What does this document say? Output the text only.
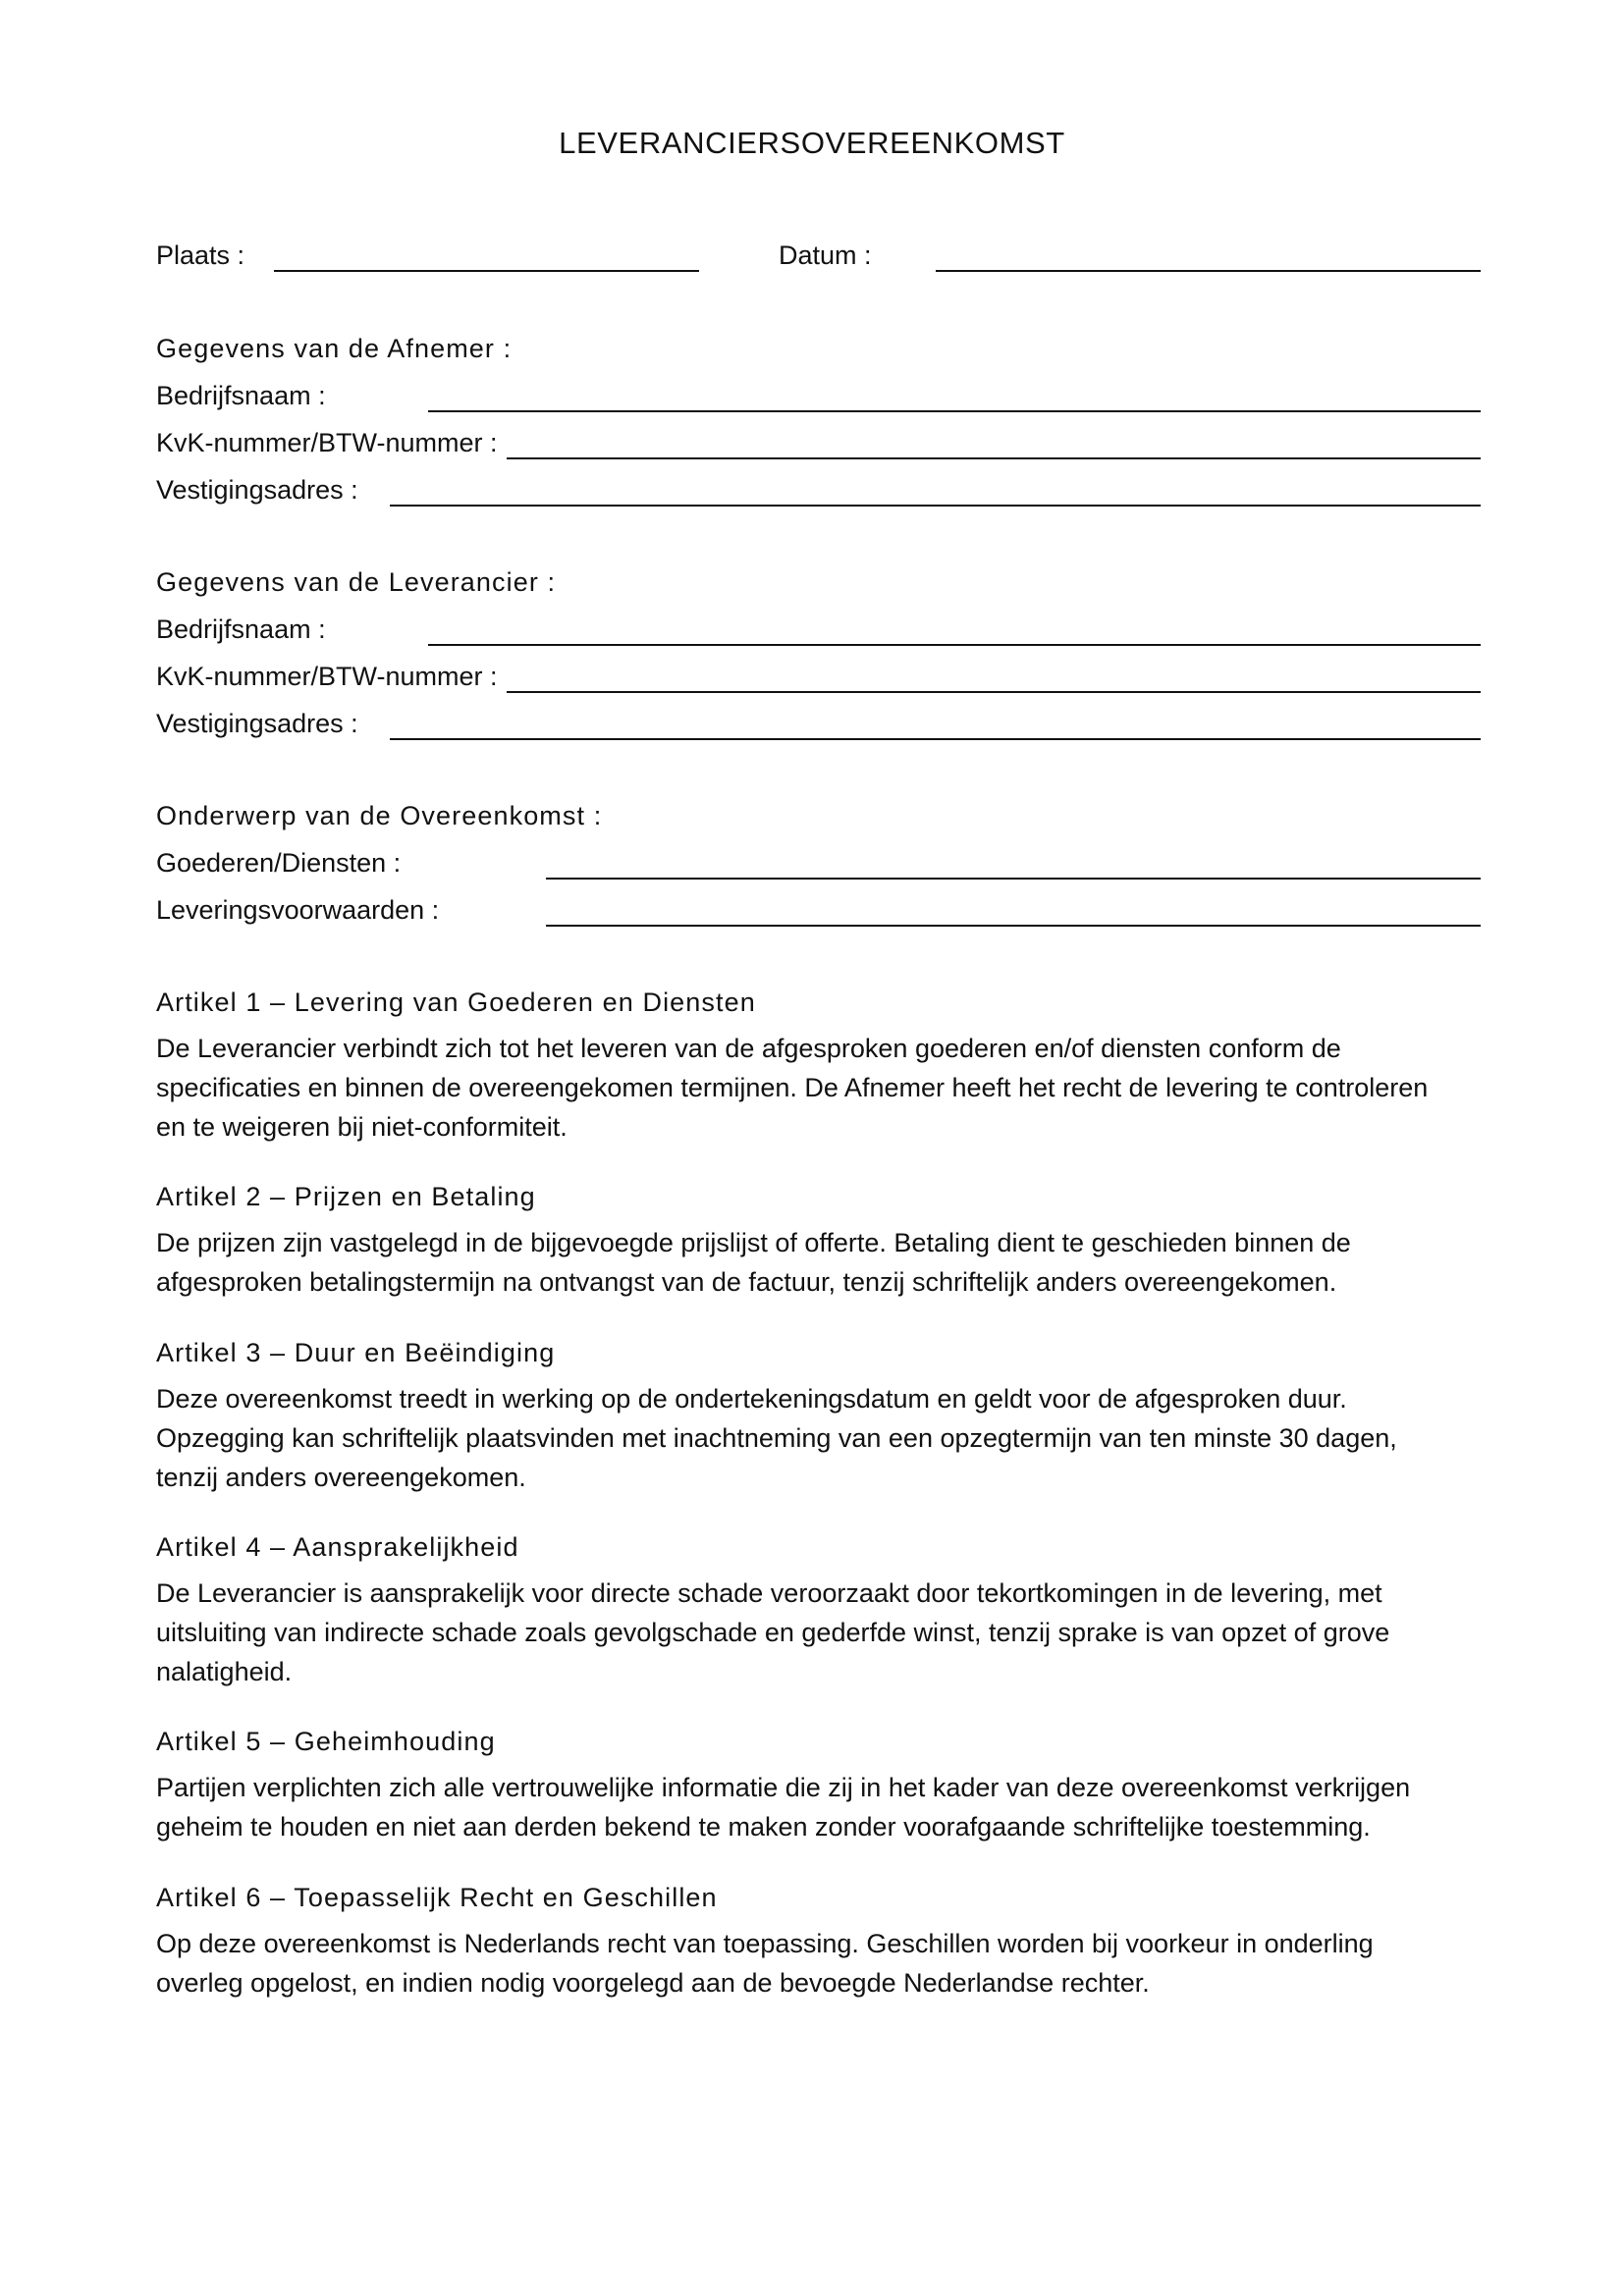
LEVERANCIERSOVEREENKOMST
Plaats :	Datum :
Gegevens van de Afnemer :
Bedrijfsnaam :
KvK-nummer/BTW-nummer :
Vestigingsadres :
Gegevens van de Leverancier :
Bedrijfsnaam :
KvK-nummer/BTW-nummer :
Vestigingsadres :
Onderwerp van de Overeenkomst :
Goederen/Diensten :
Leveringsvoorwaarden :
Artikel 1 – Levering van Goederen en Diensten
De Leverancier verbindt zich tot het leveren van de afgesproken goederen en/of diensten conform de
specificaties en binnen de overeengekomen termijnen. De Afnemer heeft het recht de levering te controleren
en te weigeren bij niet-conformiteit.
Artikel 2 – Prijzen en Betaling
De prijzen zijn vastgelegd in de bijgevoegde prijslijst of offerte. Betaling dient te geschieden binnen de
afgesproken betalingstermijn na ontvangst van de factuur, tenzij schriftelijk anders overeengekomen.
Artikel 3 – Duur en Beëindiging
Deze overeenkomst treedt in werking op de ondertekeningsdatum en geldt voor de afgesproken duur.
Opzegging kan schriftelijk plaatsvinden met inachtneming van een opzegtermijn van ten minste 30 dagen,
tenzij anders overeengekomen.
Artikel 4 – Aansprakelijkheid
De Leverancier is aansprakelijk voor directe schade veroorzaakt door tekortkomingen in de levering, met
uitsluiting van indirecte schade zoals gevolgschade en gederfde winst, tenzij sprake is van opzet of grove
nalatigheid.
Artikel 5 – Geheimhouding
Partijen verplichten zich alle vertrouwelijke informatie die zij in het kader van deze overeenkomst verkrijgen
geheim te houden en niet aan derden bekend te maken zonder voorafgaande schriftelijke toestemming.
Artikel 6 – Toepasselijk Recht en Geschillen
Op deze overeenkomst is Nederlands recht van toepassing. Geschillen worden bij voorkeur in onderling
overleg opgelost, en indien nodig voorgelegd aan de bevoegde Nederlandse rechter.
